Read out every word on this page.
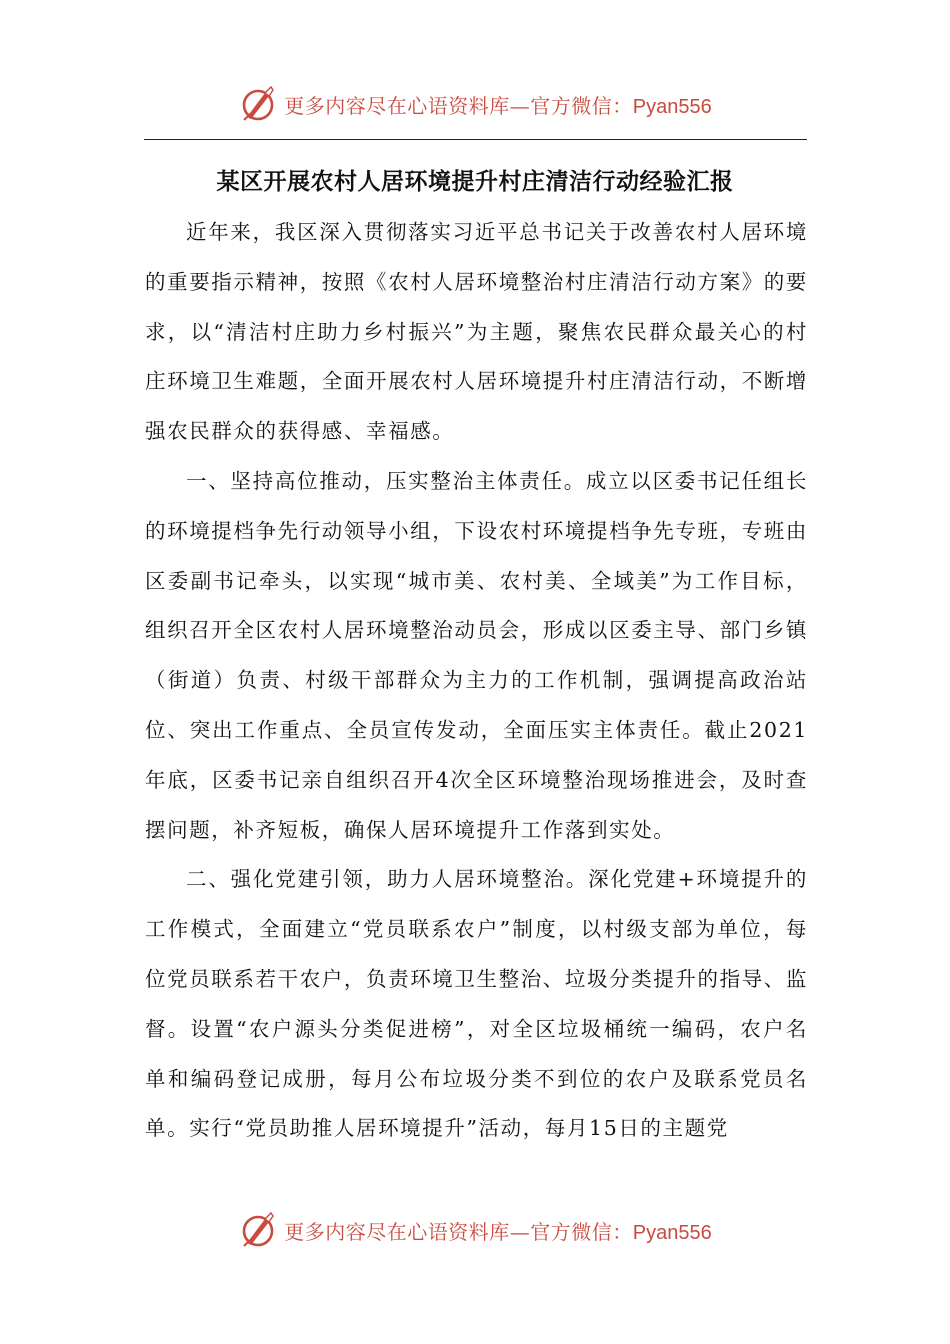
更多内容尽在心语资料库—官方微信：Pyan556
某区开展农村人居环境提升村庄清洁行动经验汇报

近年来，我区深入贯彻落实习近平总书记关于改善农村人居环境的重要指示精神，按照《农村人居环境整治村庄清洁行动方案》的要求，以“清洁村庄助力乡村振兴”为主题，聚焦农民群众最关心的村庄环境卫生难题，全面开展农村人居环境提升村庄清洁行动，不断增强农民群众的获得感、幸福感。

一、坚持高位推动，压实整治主体责任。成立以区委书记任组长的环境提档争先行动领导小组，下设农村环境提档争先专班，专班由区委副书记牵头，以实现“城市美、农村美、全域美”为工作目标，组织召开全区农村人居环境整治动员会，形成以区委主导、部门乡镇（街道）负责、村级干部群众为主力的工作机制，强调提高政治站位、突出工作重点、全员宣传发动，全面压实主体责任。截止2021年底，区委书记亲自组织召开4次全区环境整治现场推进会，及时查摆问题，补齐短板，确保人居环境提升工作落到实处。

二、强化党建引领，助力人居环境整治。深化党建+环境提升的工作模式，全面建立“党员联系农户”制度，以村级支部为单位，每位党员联系若干农户，负责环境卫生整治、垃圾分类提升的指导、监督。设置“农户源头分类促进榜”，对全区垃圾桶统一编码，农户名单和编码登记成册，每月公布垃圾分类不到位的农户及联系党员名单。实行“党员助推人居环境提升”活动，每月15日的主题党

更多内容尽在心语资料库—官方微信：Pyan556
